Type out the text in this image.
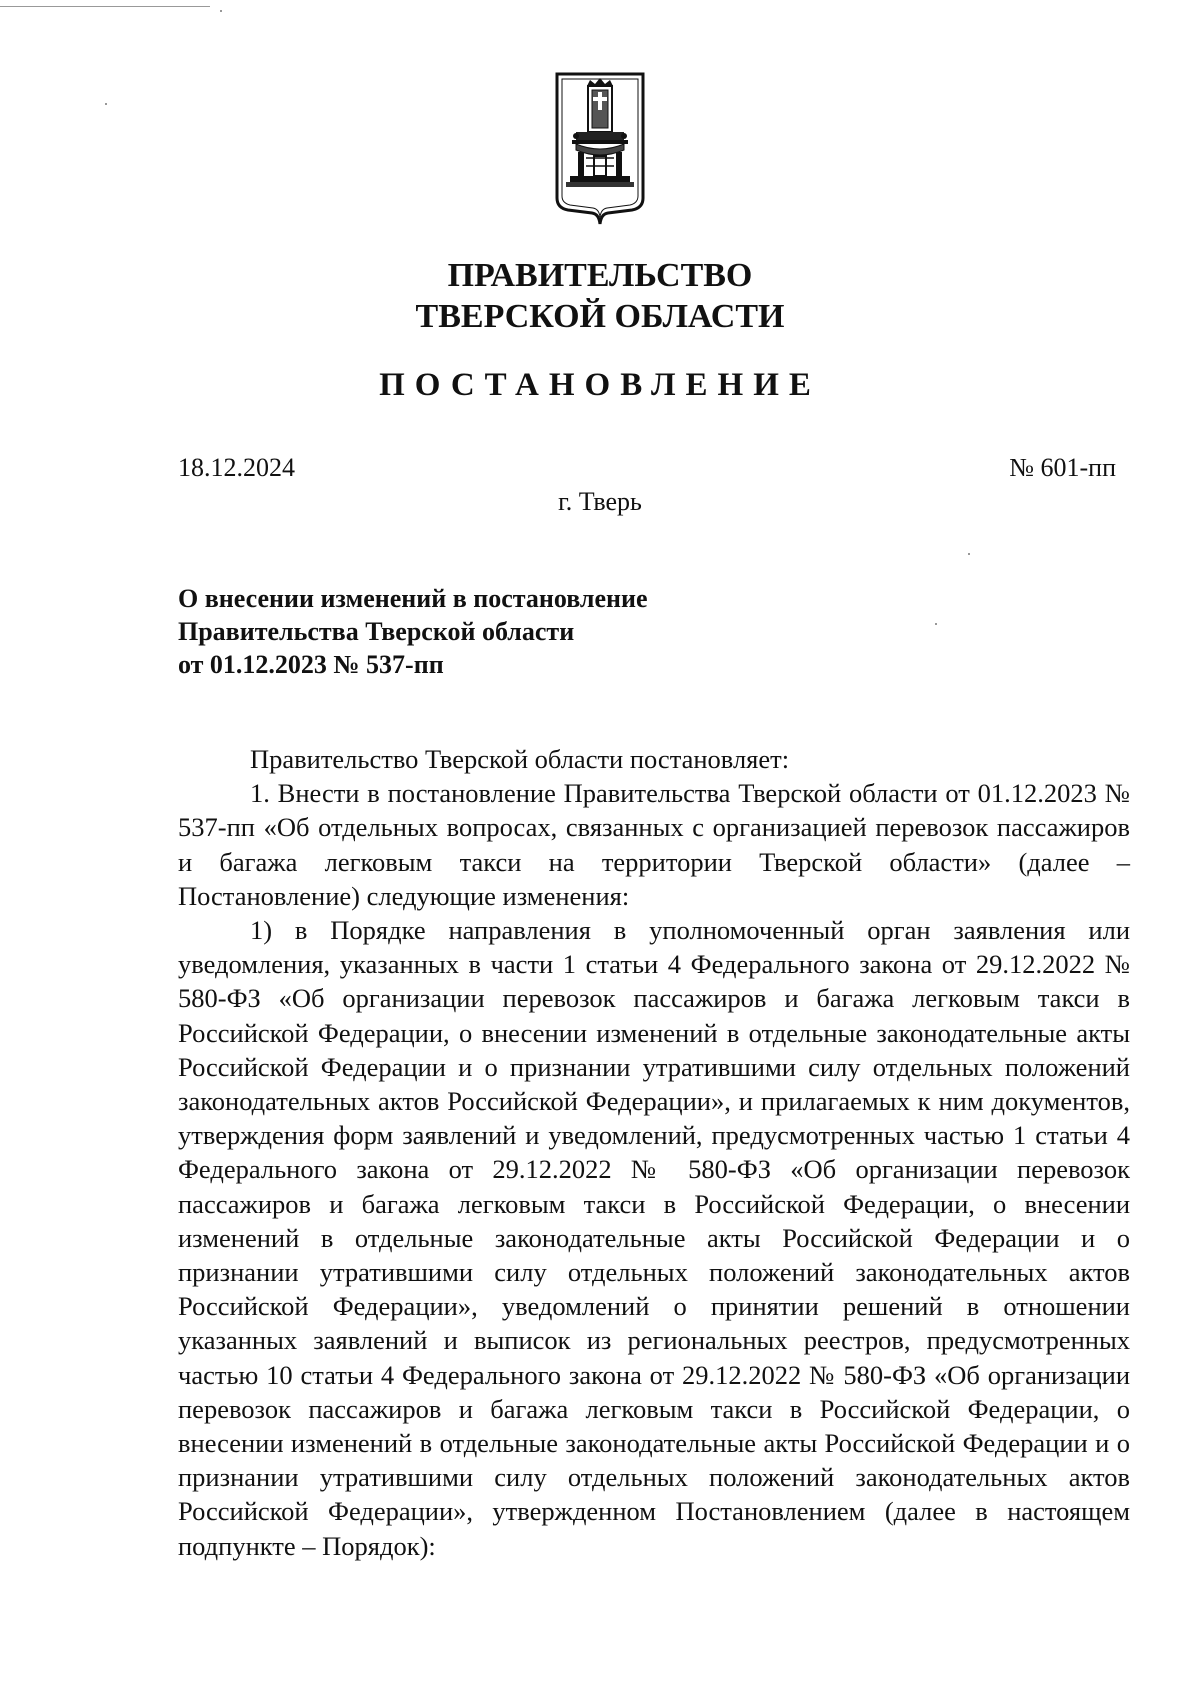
ПРАВИТЕЛЬСТВО
ТВЕРСКОЙ ОБЛАСТИ
ПОСТАНОВЛЕНИЕ
18.12.2024	№ 601-пп
г. Тверь
О внесении изменений в постановление
Правительства Тверской области
от 01.12.2023 № 537-пп

Правительство Тверской области постановляет:

1. Внести в постановление Правительства Тверской области от 01.12.2023 № 537-пп «Об отдельных вопросах, связанных с организацией перевозок пассажиров и багажа легковым такси на территории Тверской области» (далее – Постановление) следующие изменения:

1) в Порядке направления в уполномоченный орган заявления или уведомления, указанных в части 1 статьи 4 Федерального закона от 29.12.2022 № 580-ФЗ «Об организации перевозок пассажиров и багажа легковым такси в Российской Федерации, о внесении изменений в отдельные законодательные акты Российской Федерации и о признании утратившими силу отдельных положений законодательных актов Российской Федерации», и прилагаемых к ним документов, утверждения форм заявлений и уведомлений, предусмотренных частью 1 статьи 4 Федерального закона от 29.12.2022 № 580-ФЗ «Об организации перевозок пассажиров и багажа легковым такси в Российской Федерации, о внесении изменений в отдельные законодательные акты Российской Федерации и о признании утратившими силу отдельных положений законодательных актов Российской Федерации», уведомлений о принятии решений в отношении указанных заявлений и выписок из региональных реестров, предусмотренных частью 10 статьи 4 Федерального закона от 29.12.2022 № 580-ФЗ «Об организации перевозок пассажиров и багажа легковым такси в Российской Федерации, о внесении изменений в отдельные законодательные акты Российской Федерации и о признании утратившими силу отдельных положений законодательных актов Российской Федерации», утвержденном Постановлением (далее в настоящем подпункте – Порядок):
